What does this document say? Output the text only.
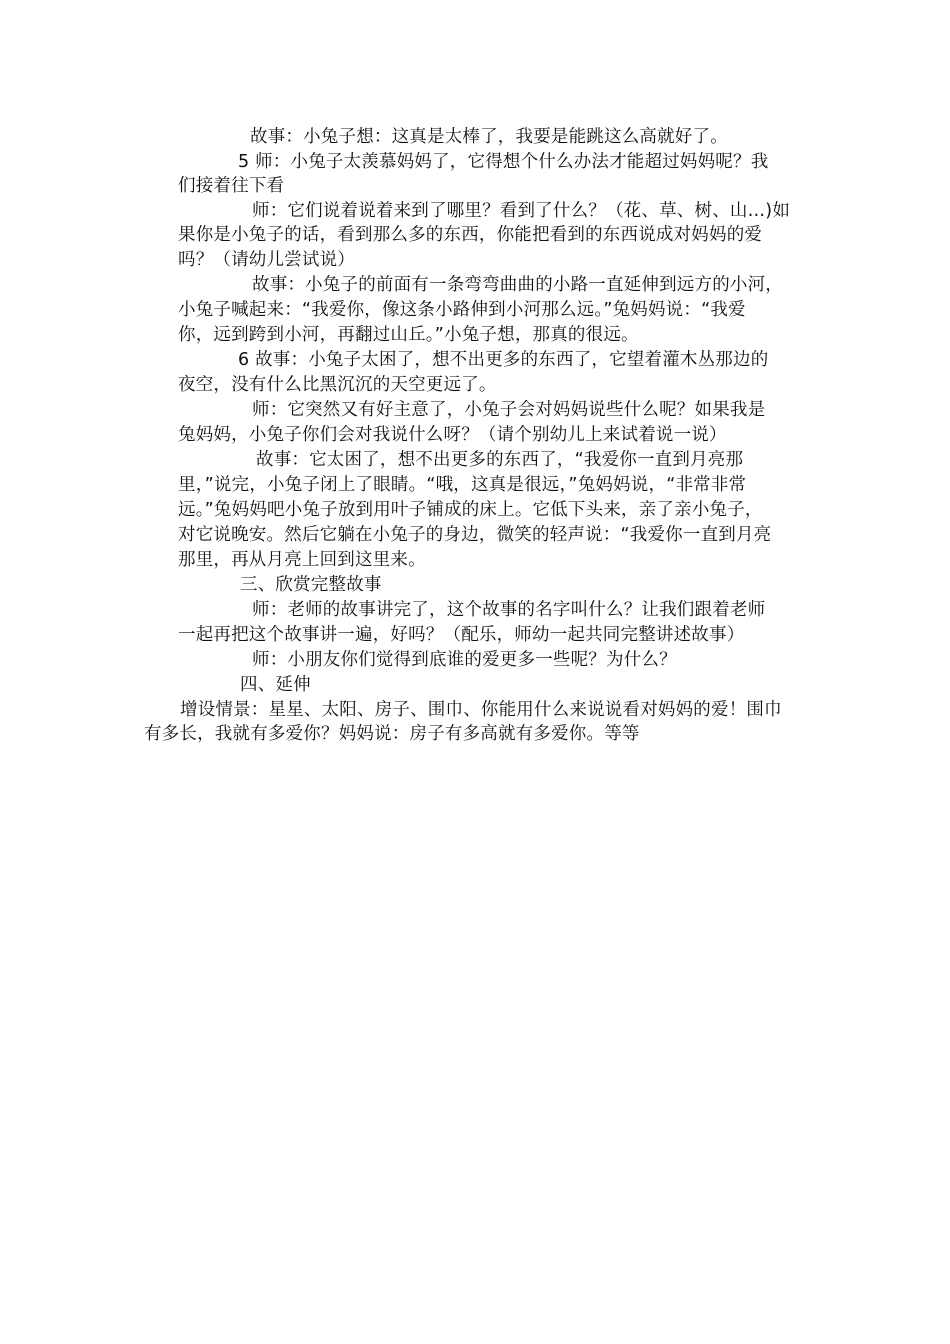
故事：小兔子想：这真是太棒了，我要是能跳这么高就好了。
5 师：小兔子太羡慕妈妈了，它得想个什么办法才能超过妈妈呢？我
们接着往下看
师：它们说着说着来到了哪里？看到了什么？（花、草、树、山…)如
果你是小兔子的话，看到那么多的东西，你能把看到的东西说成对妈妈的爱
吗？（请幼儿尝试说）
故事：小兔子的前面有一条弯弯曲曲的小路一直延伸到远方的小河，
小兔子喊起来：“我爱你，像这条小路伸到小河那么远。”兔妈妈说：“我爱
你，远到跨到小河，再翻过山丘。”小兔子想，那真的很远。
6 故事：小兔子太困了，想不出更多的东西了，它望着灌木丛那边的
夜空，没有什么比黑沉沉的天空更远了。
师：它突然又有好主意了，小兔子会对妈妈说些什么呢？如果我是
兔妈妈，小兔子你们会对我说什么呀？（请个别幼儿上来试着说一说）
故事：它太困了，想不出更多的东西了，“我爱你一直到月亮那
里，”说完，小兔子闭上了眼睛。“哦，这真是很远，”兔妈妈说，“非常非常
远。”兔妈妈吧小兔子放到用叶子铺成的床上。它低下头来，亲了亲小兔子，
对它说晚安。然后它躺在小兔子的身边，微笑的轻声说：“我爱你一直到月亮
那里，再从月亮上回到这里来。
三、欣赏完整故事
师：老师的故事讲完了，这个故事的名字叫什么？让我们跟着老师
一起再把这个故事讲一遍，好吗？（配乐，师幼一起共同完整讲述故事）
师：小朋友你们觉得到底谁的爱更多一些呢？为什么？
四、延伸
增设情景：星星、太阳、房子、围巾、你能用什么来说说看对妈妈的爱！围巾
有多长，我就有多爱你？妈妈说：房子有多高就有多爱你。等等
